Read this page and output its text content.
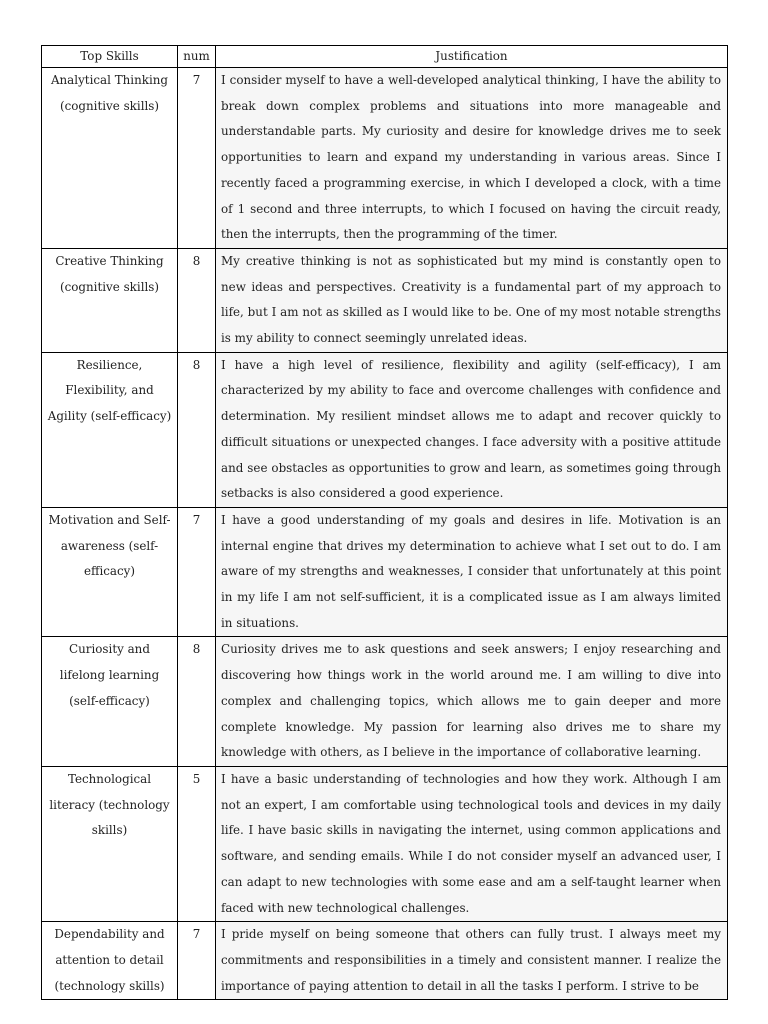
Top Skills	num	Justification
Analytical Thinking (cognitive skills)	7	I consider myself to have a well-developed analytical thinking, I have the ability to break down complex problems and situations into more manageable and understandable parts. My curiosity and desire for knowledge drives me to seek opportunities to learn and expand my understanding in various areas. Since I recently faced a programming exercise, in which I developed a clock, with a time of 1 second and three interrupts, to which I focused on having the circuit ready, then the interrupts, then the programming of the timer.
Creative Thinking (cognitive skills)	8	My creative thinking is not as sophisticated but my mind is constantly open to new ideas and perspectives. Creativity is a fundamental part of my approach to life, but I am not as skilled as I would like to be. One of my most notable strengths is my ability to connect seemingly unrelated ideas.
Resilience, Flexibility, and Agility (self-efficacy)	8	I have a high level of resilience, flexibility and agility (self-efficacy), I am characterized by my ability to face and overcome challenges with confidence and determination. My resilient mindset allows me to adapt and recover quickly to difficult situations or unexpected changes. I face adversity with a positive attitude and see obstacles as opportunities to grow and learn, as sometimes going through setbacks is also considered a good experience.
Motivation and Self-awareness (self-efficacy)	7	I have a good understanding of my goals and desires in life. Motivation is an internal engine that drives my determination to achieve what I set out to do. I am aware of my strengths and weaknesses, I consider that unfortunately at this point in my life I am not self-sufficient, it is a complicated issue as I am always limited in situations.
Curiosity and lifelong learning (self-efficacy)	8	Curiosity drives me to ask questions and seek answers; I enjoy researching and discovering how things work in the world around me. I am willing to dive into complex and challenging topics, which allows me to gain deeper and more complete knowledge. My passion for learning also drives me to share my knowledge with others, as I believe in the importance of collaborative learning.
Technological literacy (technology skills)	5	I have a basic understanding of technologies and how they work. Although I am not an expert, I am comfortable using technological tools and devices in my daily life. I have basic skills in navigating the internet, using common applications and software, and sending emails. While I do not consider myself an advanced user, I can adapt to new technologies with some ease and am a self-taught learner when faced with new technological challenges.
Dependability and attention to detail (technology skills)	7	I pride myself on being someone that others can fully trust. I always meet my commitments and responsibilities in a timely and consistent manner. I realize the importance of paying attention to detail in all the tasks I perform. I strive to be
